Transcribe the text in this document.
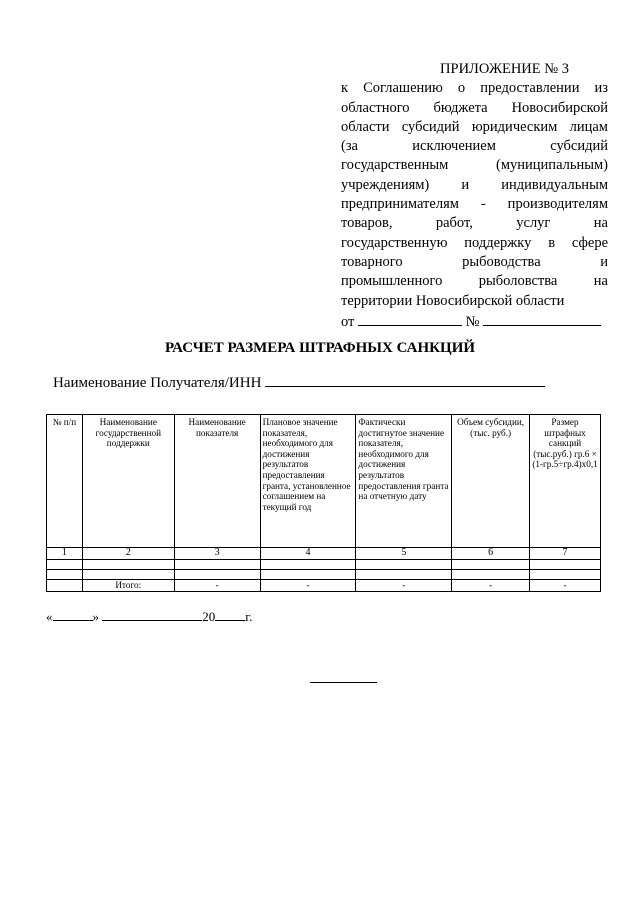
ПРИЛОЖЕНИЕ № 3
к Соглашению о предоставлении из
областного бюджета Новосибирской
области субсидий юридическим лицам
(за исключением субсидий
государственным (муниципальным)
учреждениям) и индивидуальным
предпринимателям - производителям
товаров, работ, услуг на
государственную поддержку в сфере
товарного рыбоводства и
промышленного рыболовства на
территории Новосибирской области
от	№
РАСЧЕТ РАЗМЕРА ШТРАФНЫХ САНКЦИЙ
Наименование Получателя/ИНН
№ п/п	Наименование государственной поддержки	Наименование показателя	Плановое значение показателя, необходимого для достижения результатов предоставления гранта, установленное соглашением на текущий год	Фактически достигнутое значение показателя, необходимого для достижения результатов предоставления гранта на отчетную дату	Объем субсидии, (тыс. руб.)	Размер штрафных санкций (тыс.руб.) гр.6 × (1-гр.5÷гр.4)х0,1
1	2	3	4	5	6	7

	Итого:	-	-	-	-	-
«	»	20 г.
